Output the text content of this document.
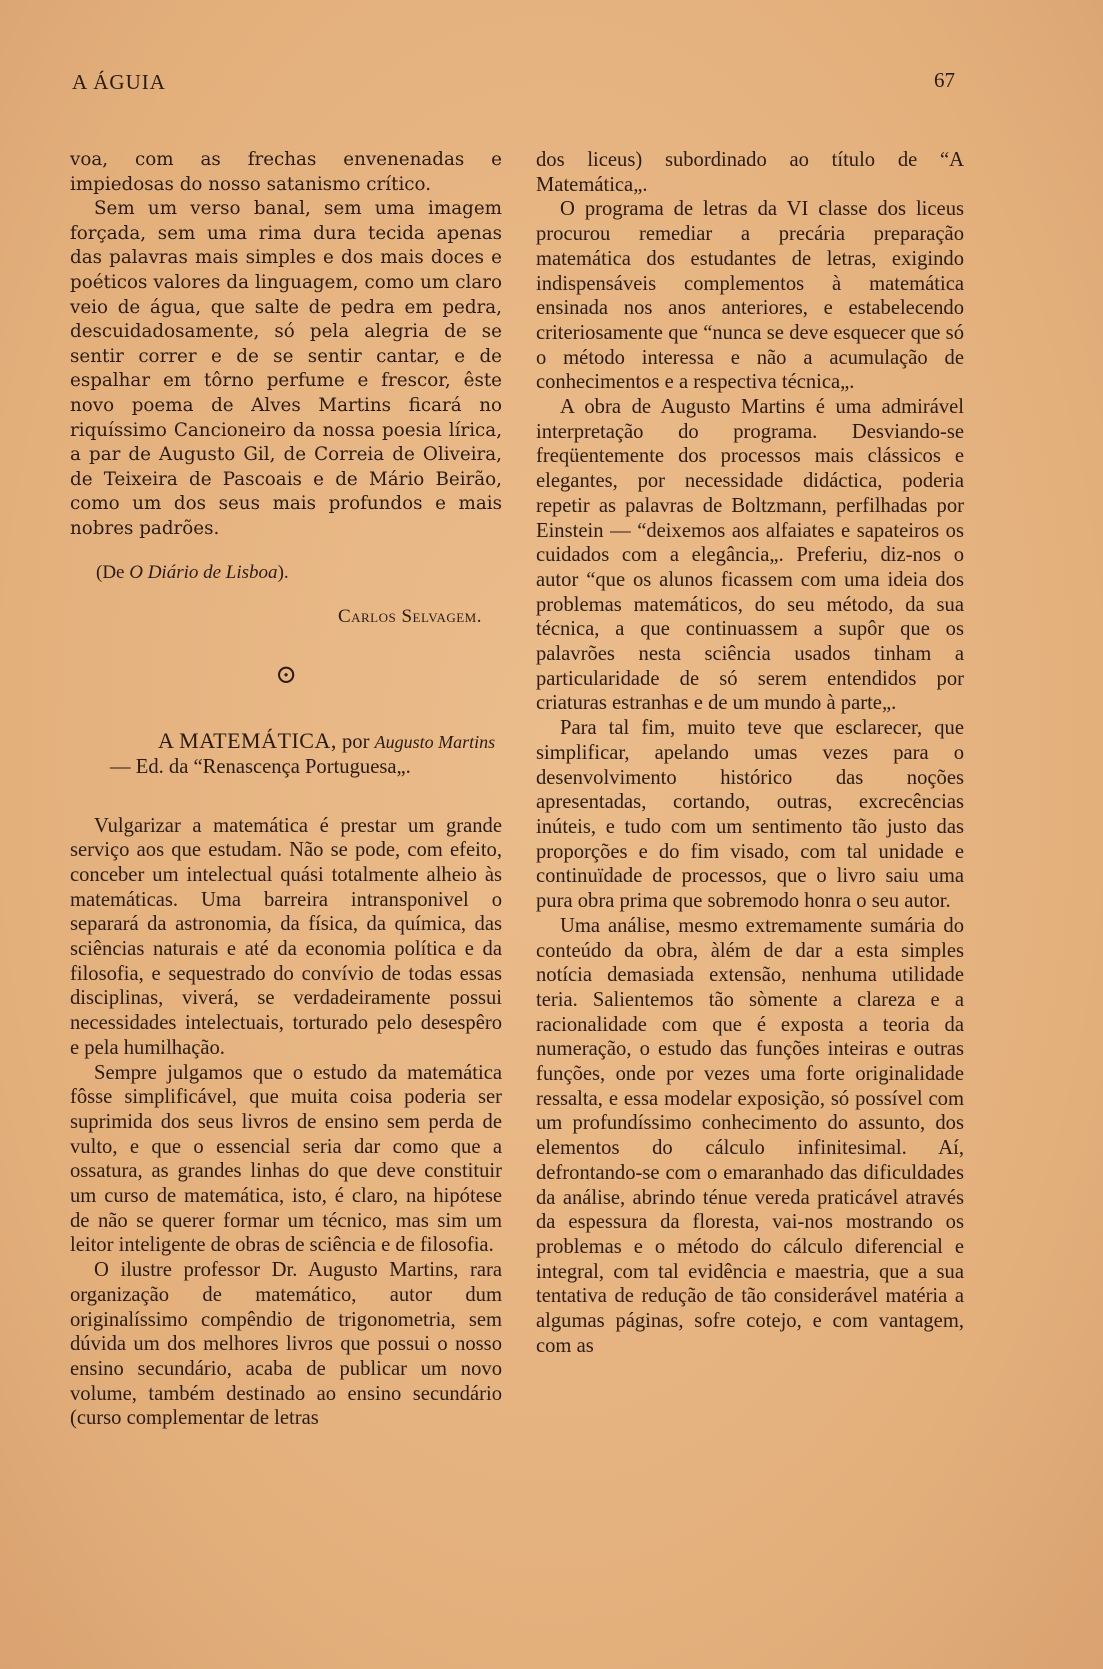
A ÁGUIA	67

voa, com as frechas envenenadas e impiedosas do nosso satanismo crítico.

Sem um verso banal, sem uma imagem forçada, sem uma rima dura tecida apenas das palavras mais simples e dos mais doces e poéticos valores da linguagem, como um claro veio de água, que salte de pedra em pedra, descuidadosamente, só pela alegria de se sentir correr e de se sentir cantar, e de espalhar em tôrno perfume e frescor, êste novo poema de Alves Martins ficará no riquíssimo Cancioneiro da nossa poesia lírica, a par de Augusto Gil, de Correia de Oliveira, de Teixeira de Pascoais e de Mário Beirão, como um dos seus mais profundos e mais nobres padrões.

(De O Diário de Lisboa).
Carlos Selvagem.
⊙
A MATEMÁTICA, por Augusto Martins — Ed. da “Renascença Portuguesa„.

Vulgarizar a matemática é prestar um grande serviço aos que estudam. Não se pode, com efeito, conceber um intelectual quási totalmente alheio às matemáticas. Uma barreira intransponivel o separará da astronomia, da física, da química, das sciências naturais e até da economia política e da filosofia, e sequestrado do convívio de todas essas disciplinas, viverá, se verdadeiramente possui necessidades intelectuais, torturado pelo desespêro e pela humilhação.

Sempre julgamos que o estudo da matemática fôsse simplificável, que muita coisa poderia ser suprimida dos seus livros de ensino sem perda de vulto, e que o essencial seria dar como que a ossatura, as grandes linhas do que deve constituir um curso de matemática, isto, é claro, na hipótese de não se querer formar um técnico, mas sim um leitor inteligente de obras de sciência e de filosofia.

O ilustre professor Dr. Augusto Martins, rara organização de matemático, autor dum originalíssimo compêndio de trigonometria, sem dúvida um dos melhores livros que possui o nosso ensino secundário, acaba de publicar um novo volume, também destinado ao ensino secundário (curso complementar de letras

dos liceus) subordinado ao título de “A Matemática„.

O programa de letras da VI classe dos liceus procurou remediar a precária preparação matemática dos estudantes de letras, exigindo indispensáveis complementos à matemática ensinada nos anos anteriores, e estabelecendo criteriosamente que “nunca se deve esquecer que só o método interessa e não a acumulação de conhecimentos e a respectiva técnica„.

A obra de Augusto Martins é uma admirável interpretação do programa. Desviando-se freqüentemente dos processos mais clássicos e elegantes, por necessidade didáctica, poderia repetir as palavras de Boltzmann, perfilhadas por Einstein — “deixemos aos alfaiates e sapateiros os cuidados com a elegância„. Preferiu, diz-nos o autor “que os alunos ficassem com uma ideia dos problemas matemáticos, do seu método, da sua técnica, a que continuassem a supôr que os palavrões nesta sciência usados tinham a particularidade de só serem entendidos por criaturas estranhas e de um mundo à parte„.

Para tal fim, muito teve que esclarecer, que simplificar, apelando umas vezes para o desenvolvimento histórico das noções apresentadas, cortando, outras, excrecências inúteis, e tudo com um sentimento tão justo das proporções e do fim visado, com tal unidade e continuïdade de processos, que o livro saiu uma pura obra prima que sobremodo honra o seu autor.

Uma análise, mesmo extremamente sumária do conteúdo da obra, àlém de dar a esta simples notícia demasiada extensão, nenhuma utilidade teria. Salientemos tão sòmente a clareza e a racionalidade com que é exposta a teoria da numeração, o estudo das funções inteiras e outras funções, onde por vezes uma forte originalidade ressalta, e essa modelar exposição, só possível com um profundíssimo conhecimento do assunto, dos elementos do cálculo infinitesimal. Aí, defrontando-se com o emaranhado das dificuldades da análise, abrindo ténue vereda praticável através da espessura da floresta, vai-nos mostrando os problemas e o método do cálculo diferencial e integral, com tal evidência e maestria, que a sua tentativa de redução de tão considerável matéria a algumas páginas, sofre cotejo, e com vantagem, com as
